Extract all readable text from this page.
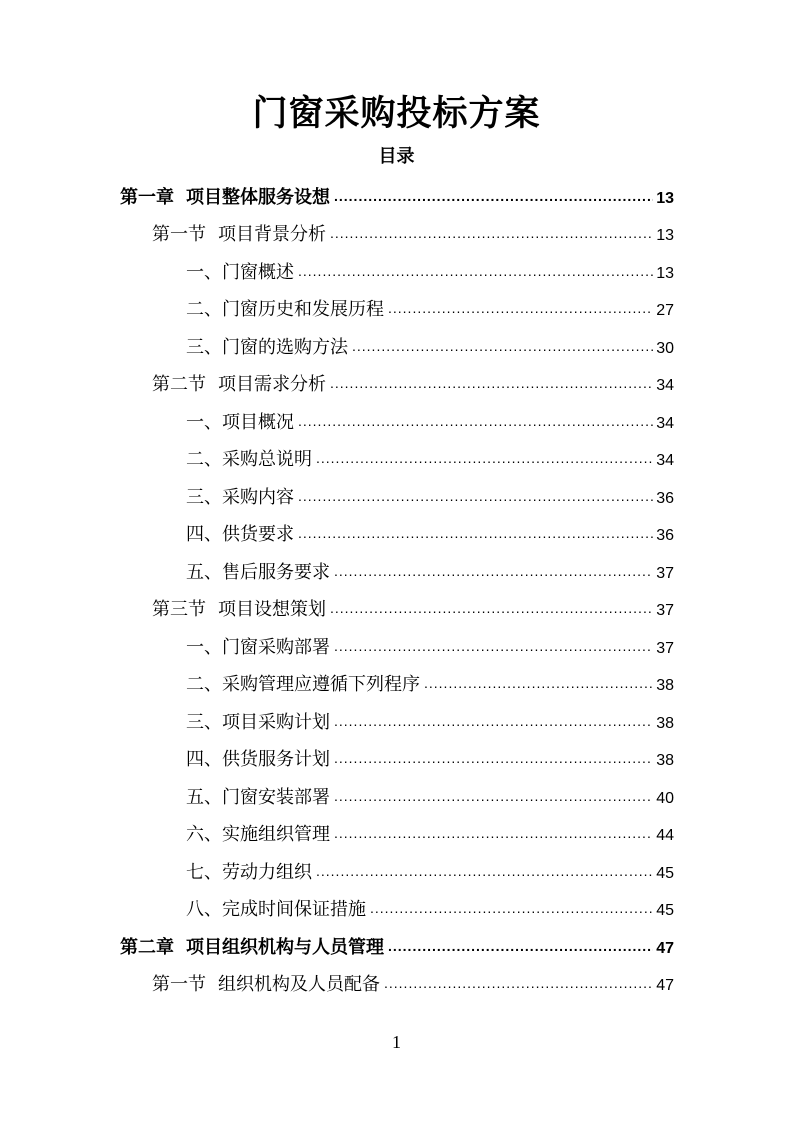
门窗采购投标方案
目录
第一章 项目整体服务设想 .....	13
第一节 项目背景分析 .....	13
一、门窗概述 .....	13
二、门窗历史和发展历程 .....	27
三、门窗的选购方法 .....	30
第二节 项目需求分析 .....	34
一、项目概况 .....	34
二、采购总说明 .....	34
三、采购内容 .....	36
四、供货要求 .....	36
五、售后服务要求 .....	37
第三节 项目设想策划 .....	37
一、门窗采购部署 .....	37
二、采购管理应遵循下列程序 .....	38
三、项目采购计划 .....	38
四、供货服务计划 .....	38
五、门窗安装部署 .....	40
六、实施组织管理 .....	44
七、劳动力组织 .....	45
八、完成时间保证措施 .....	45
第二章 项目组织机构与人员管理 .....	47
第一节 组织机构及人员配备 .....	47
1
